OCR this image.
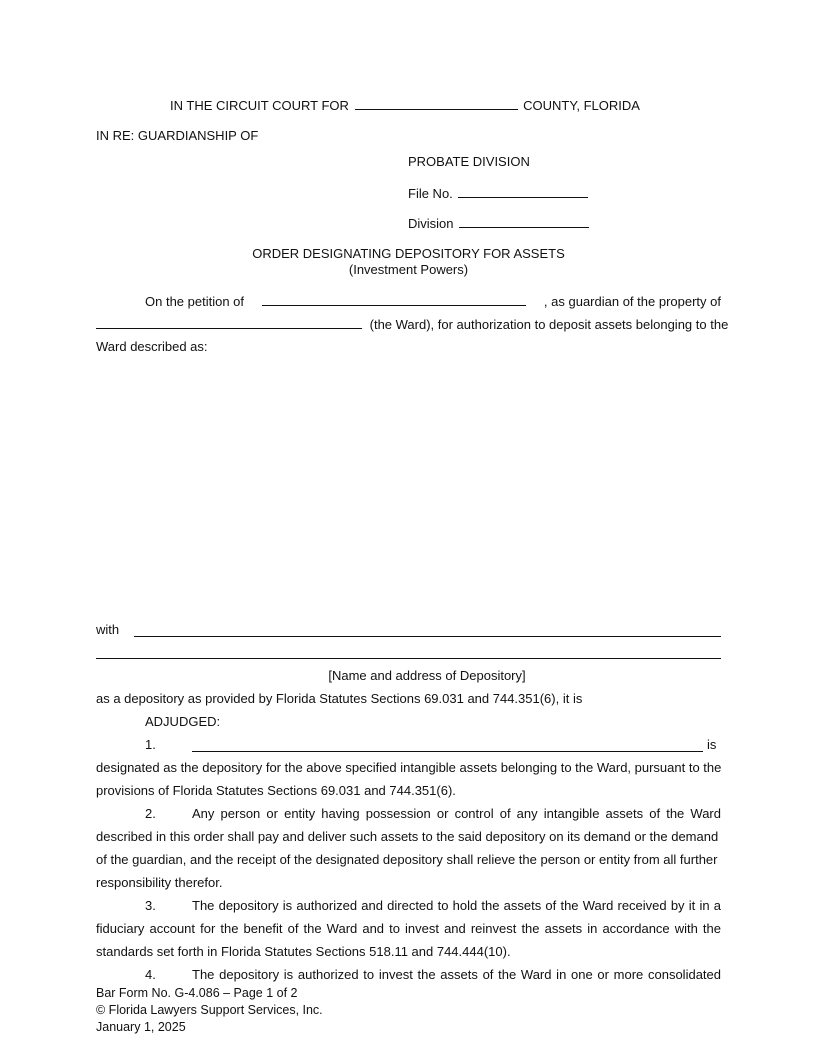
IN THE CIRCUIT COURT FOR	COUNTY, FLORIDA
IN RE: GUARDIANSHIP OF
PROBATE DIVISION
File No.
Division
ORDER DESIGNATING DEPOSITORY FOR ASSETS
(Investment Powers)
On the petition of	, as guardian of the property of
(the Ward), for authorization to deposit assets belonging to the
Ward described as:
with
[Name and address of Depository]
as a depository as provided by Florida Statutes Sections 69.031 and 744.351(6), it is
ADJUDGED:
1.	is
designated as the depository for the above specified intangible assets belonging to the Ward, pursuant to the
provisions of Florida Statutes Sections 69.031 and 744.351(6).
2.	Any person or entity having possession or control of any intangible assets of the Ward
described in this order shall pay and deliver such assets to the said depository on its demand or the demand
of the guardian, and the receipt of the designated depository shall relieve the person or entity from all further
responsibility therefor.
3.	The depository is authorized and directed to hold the assets of the Ward received by it in a
fiduciary account for the benefit of the Ward and to invest and reinvest the assets in accordance with the
standards set forth in Florida Statutes Sections 518.11 and 744.444(10).
4.	The depository is authorized to invest the assets of the Ward in one or more consolidated
Bar Form No. G-4.086 – Page 1 of 2
© Florida Lawyers Support Services, Inc.
January 1, 2025
